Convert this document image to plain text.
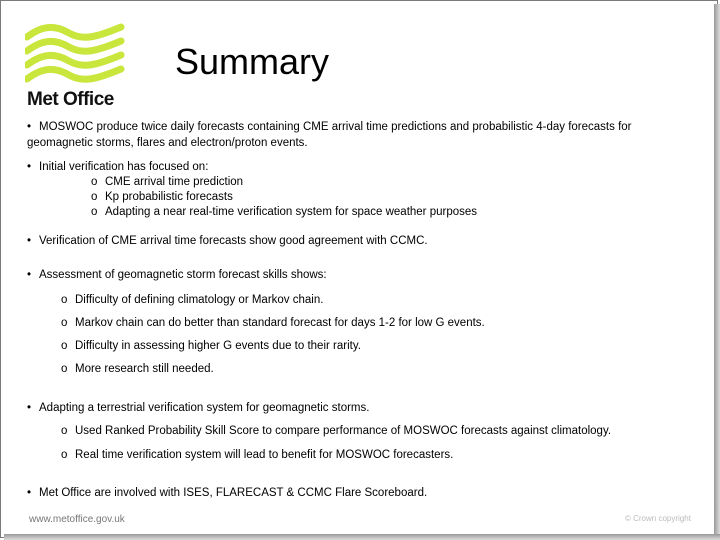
Met Office
Summary
• MOSWOC produce twice daily forecasts containing CME arrival time predictions and probabilistic 4-day forecasts for
geomagnetic storms, flares and electron/proton events.
• Initial verification has focused on:
o CME arrival time prediction
o Kp probabilistic forecasts
o Adapting a near real-time verification system for space weather purposes
• Verification of CME arrival time forecasts show good agreement with CCMC.
• Assessment of geomagnetic storm forecast skills shows:
o Difficulty of defining climatology or Markov chain.
o Markov chain can do better than standard forecast for days 1-2 for low G events.
o Difficulty in assessing higher G events due to their rarity.
o More research still needed.
• Adapting a terrestrial verification system for geomagnetic storms.
o Used Ranked Probability Skill Score to compare performance of MOSWOC forecasts against climatology.
o Real time verification system will lead to benefit for MOSWOC forecasters.
• Met Office are involved with ISES, FLARECAST & CCMC Flare Scoreboard.
www.metoffice.gov.uk	© Crown copyright
